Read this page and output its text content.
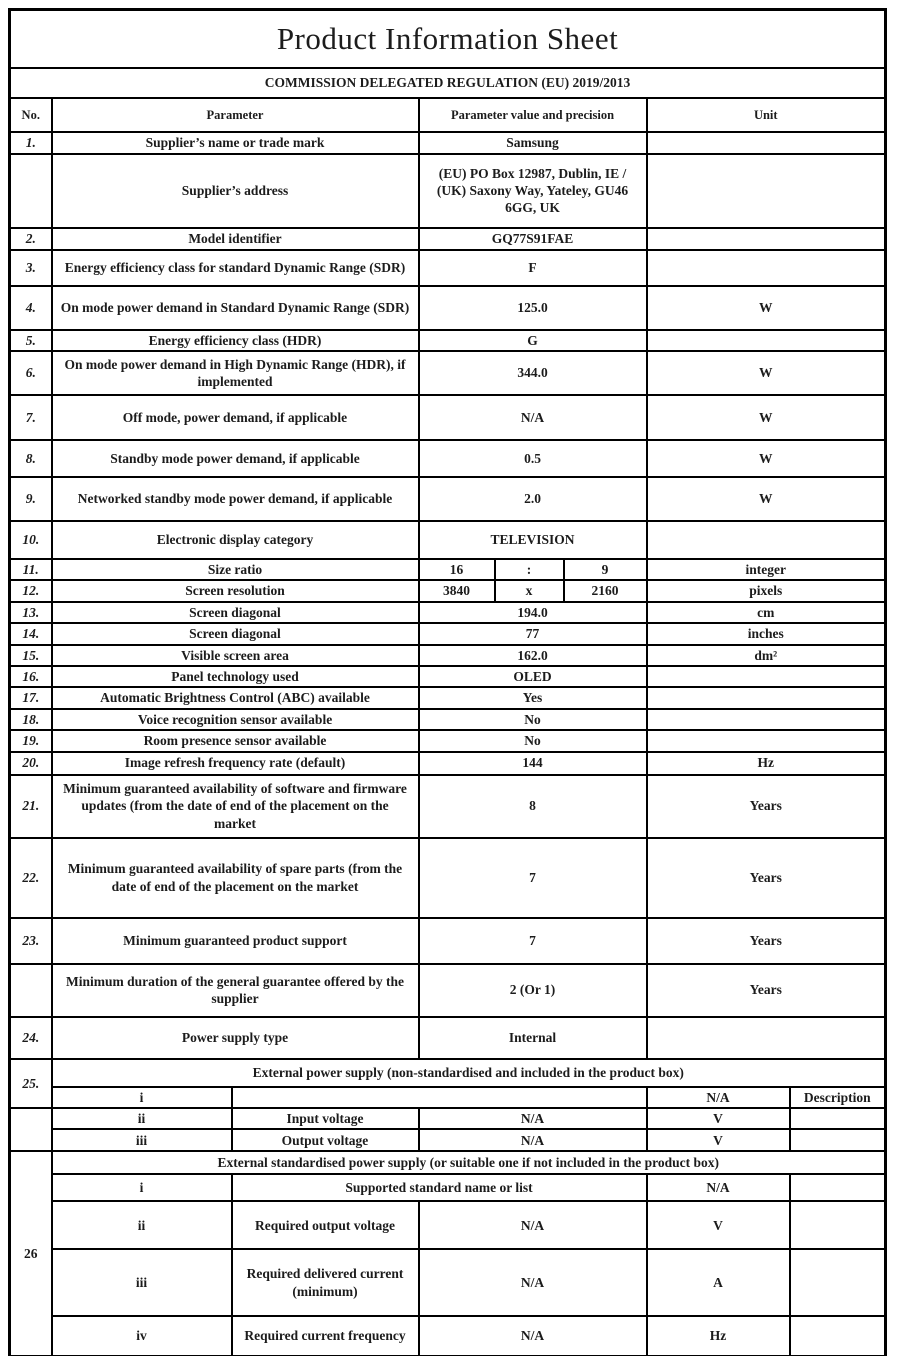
Product Information Sheet							
COMMISSION DELEGATED REGULATION (EU) 2019/2013							
No.	Parameter		Parameter value and precision			Unit	
1.	Supplier’s name or trade mark		Samsung				
	Supplier’s address		(EU) PO Box 12987, Dublin, IE / (UK) Saxony Way, Yateley, GU46 6GG, UK				
2.	Model identifier		GQ77S91FAE				
3.	Energy efficiency class for standard Dynamic Range (SDR)		F				
4.	On mode power demand in Standard Dynamic Range (SDR)		125.0			W	
5.	Energy efficiency class (HDR)		G				
6.	On mode power demand in High Dynamic Range (HDR), if implemented		344.0			W	
7.	Off mode, power demand, if applicable		N/A			W	
8.	Standby mode power demand, if applicable		0.5			W	
9.	Networked standby mode power demand, if applicable		2.0			W	
10.	Electronic display category		TELEVISION				
11.	Size ratio		16	:	9	integer	
12.	Screen resolution		3840	x	2160	pixels	
13.	Screen diagonal		194.0			cm	
14.	Screen diagonal		77			inches	
15.	Visible screen area		162.0			dm²	
16.	Panel technology used		OLED				
17.	Automatic Brightness Control (ABC) available		Yes				
18.	Voice recognition sensor available		No				
19.	Room presence sensor available		No				
20.	Image refresh frequency rate (default)		144			Hz	
21.	Minimum guaranteed availability of software and firmware updates (from the date of end of the placement on the market		8			Years	
22.	Minimum guaranteed availability of spare parts (from the date of end of the placement on the market		7			Years	
23.	Minimum guaranteed product support		7			Years	
	Minimum duration of the general guarantee offered by the supplier		2 (Or 1)			Years	
24.	Power supply type		Internal				
25.	External power supply (non-standardised and included in the product box)						
	i					N/A	Description
	ii	Input voltage	N/A			V	
	iii	Output voltage	N/A			V	
26	External standardised power supply (or suitable one if not included in the product box)						
	i	Supported standard name or list				N/A	
	ii	Required output voltage	N/A			V	
	iii	Required delivered current (minimum)	N/A			A	
	iv	Required current frequency	N/A			Hz	
